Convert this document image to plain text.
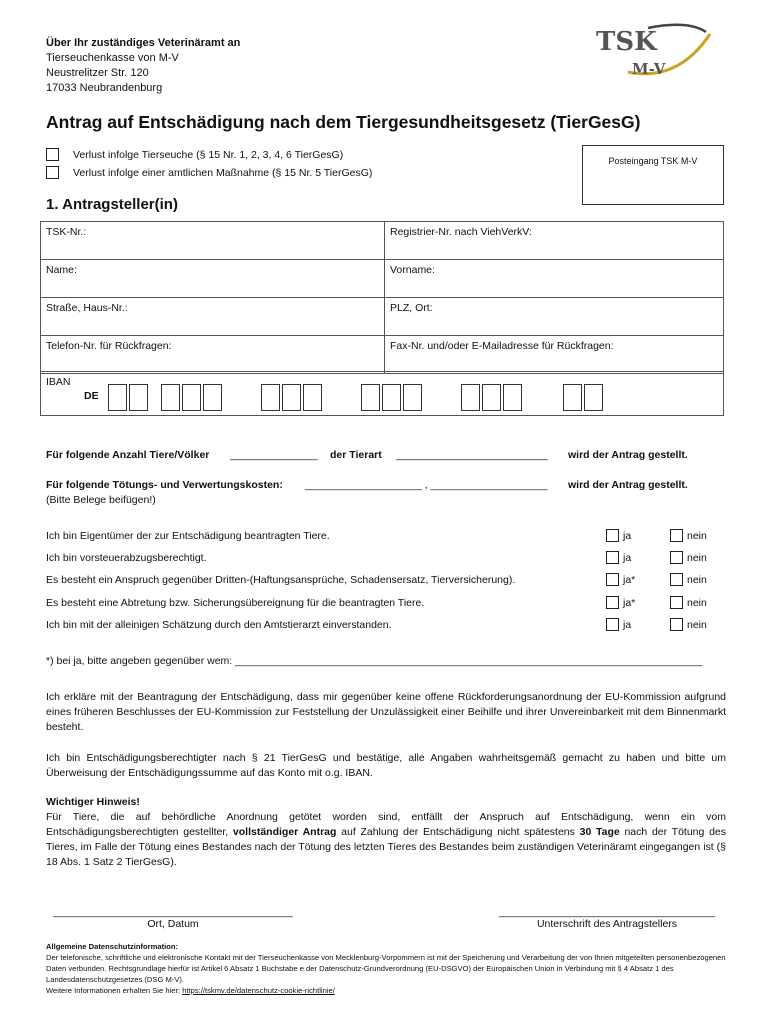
Über Ihr zuständiges Veterinäramt an
Tierseuchenkasse von M-V
Neustrelitzer Str. 120
17033 Neubrandenburg
TSK
M-V
Antrag auf Entschädigung nach dem Tiergesundheitsgesetz (TierGesG)
Verlust infolge Tierseuche (§ 15 Nr. 1, 2, 3, 4, 6 TierGesG)
Verlust infolge einer amtlichen Maßnahme (§ 15 Nr. 5 TierGesG)
Posteingang TSK M-V
1. Antragsteller(in)
TSK-Nr.:	Registrier-Nr. nach ViehVerkV:
Name:	Vorname:
Straße, Haus-Nr.:	PLZ, Ort:
Telefon-Nr. für Rückfragen:	Fax-Nr. und/oder E-Mailadresse für Rückfragen:
IBAN
DE
Für folgende Anzahl Tiere/Völker _______________ der Tierart __________________________ wird der Antrag gestellt.
Für folgende Tötungs- und Verwertungskosten: ____________________ , ____________________ wird der Antrag gestellt.
(Bitte Belege beifügen!)
Ich bin Eigentümer der zur Entschädigung beantragten Tiere.	ja	nein
Ich bin vorsteuerabzugsberechtigt.	ja	nein
Es besteht ein Anspruch gegenüber Dritten-(Haftungsansprüche, Schadensersatz, Tierversicherung).	ja*	nein
Es besteht eine Abtretung bzw. Sicherungsübereignung für die beantragten Tiere.	ja*	nein
Ich bin mit der alleinigen Schätzung durch den Amtstierarzt einverstanden.	ja	nein
*) bei ja, bitte angeben gegenüber wem: ________________________________________________________________________________
Ich erkläre mit der Beantragung der Entschädigung, dass mir gegenüber keine offene Rückforderungsanordnung der EU-Kommission aufgrund eines früheren Beschlusses der EU-Kommission zur Feststellung der Unzulässigkeit einer Beihilfe und ihrer Unvereinbarkeit mit dem Binnenmarkt besteht.
Ich bin Entschädigungsberechtigter nach § 21 TierGesG und bestätige, alle Angaben wahrheitsgemäß gemacht zu haben und bitte um Überweisung der Entschädigungssumme auf das Konto mit o.g. IBAN.
Wichtiger Hinweis!
Für Tiere, die auf behördliche Anordnung getötet worden sind, entfällt der Anspruch auf Entschädigung, wenn ein vom Entschädigungsberechtigten gestellter, vollständiger Antrag auf Zahlung der Entschädigung nicht spätestens 30 Tage nach der Tötung des Tieres, im Falle der Tötung eines Bestandes nach der Tötung des letzten Tieres des Bestandes beim zuständigen Veterinäramt eingegangen ist (§ 18 Abs. 1 Satz 2 TierGesG).
_________________________________________
Ort, Datum
_____________________________________
Unterschrift des Antragstellers
Allgemeine Datenschutzinformation:
Der telefonische, schriftliche und elektronische Kontakt mit der Tierseuchenkasse von Mecklenburg-Vorpommern ist mit der Speicherung und Verarbeitung der von Ihnen mitgeteilten personenbezogenen Daten verbunden. Rechtsgrundlage hierfür ist Artikel 6 Absatz 1 Buchstabe e der Datenschutz-Grundverordnung (EU-DSGVO) der Europäischen Union in Verbindung mit § 4 Absatz 1 des Landesdatenschutzgesetzes (DSG M-V).
Weitere Informationen erhalten Sie hier: https://tskmv.de/datenschutz-cookie-richtlinie/
